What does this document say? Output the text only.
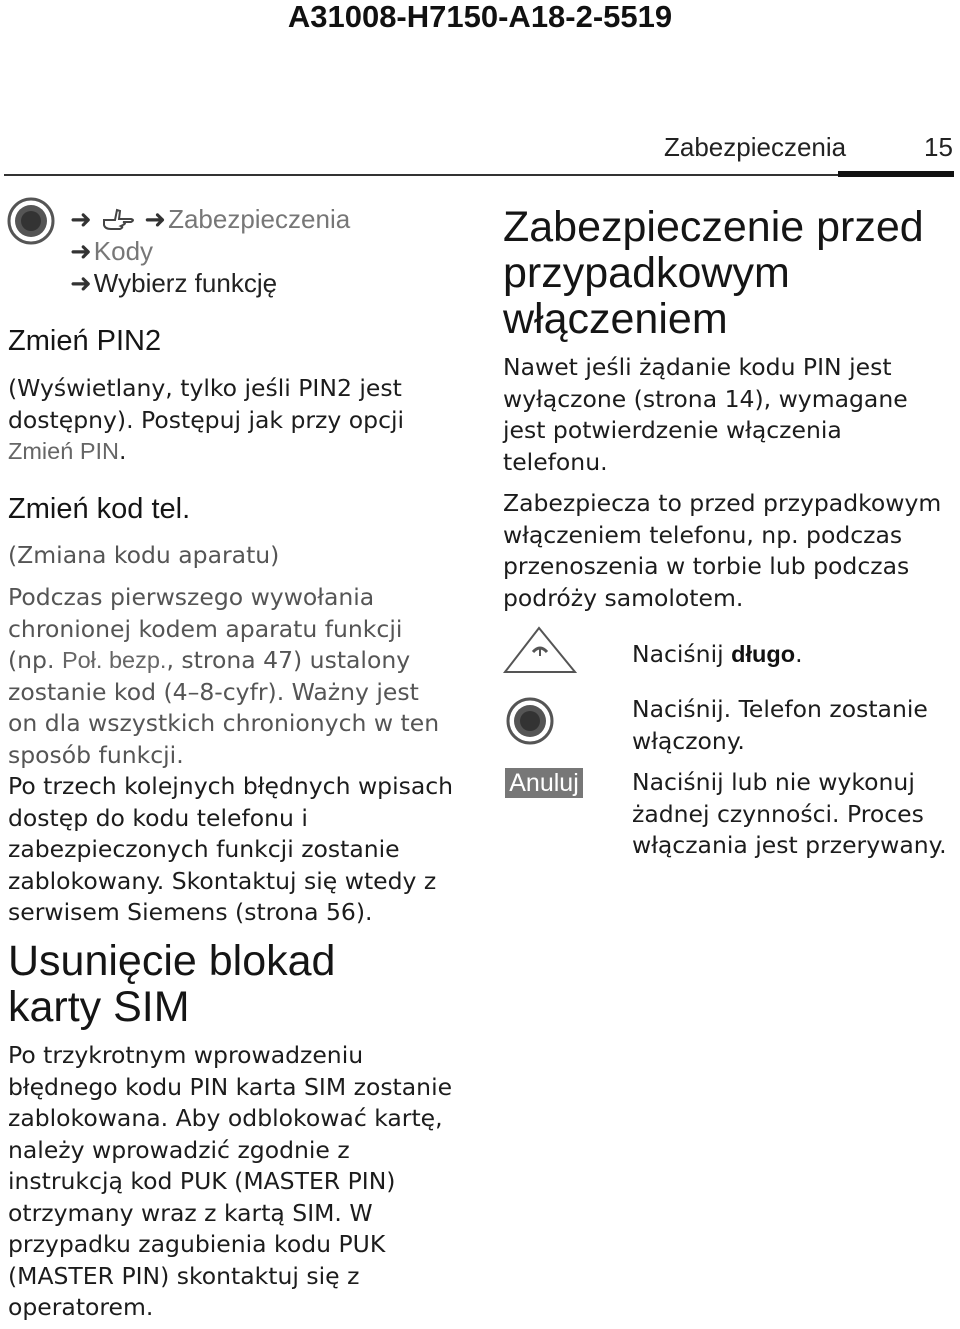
A31008-H7150-A18-2-5519
Zabezpieczenia	15
➜ ➜Zabezpieczenia
➜Kody
➜Wybierz funkcję
Zmień PIN2
(Wyświetlany, tylko jeśli PIN2 jest dostępny). Postępuj jak przy opcji Zmień PIN.
Zmień kod tel.
(Zmiana kodu aparatu)
Podczas pierwszego wywołania chronionej kodem aparatu funkcji (np. Poł. bezp., strona 47) ustalony zostanie kod (4–8-cyfr). Ważny jest on dla wszystkich chronionych w ten sposób funkcji.
Po trzech kolejnych błędnych wpisach dostęp do kodu telefonu i zabezpieczonych funkcji zostanie zablokowany. Skontaktuj się wtedy z serwisem Siemens (strona 56).
Usunięcie blokad
karty SIM
Po trzykrotnym wprowadzeniu błędnego kodu PIN karta SIM zostanie zablokowana. Aby odblokować kartę, należy wprowadzić zgodnie z instrukcją kod PUK (MASTER PIN) otrzymany wraz z kartą SIM. W przypadku zagubienia kodu PUK (MASTER PIN) skontaktuj się z operatorem.
Zabezpieczenie przed
przypadkowym
włączeniem
Nawet jeśli żądanie kodu PIN jest wyłączone (strona 14), wymagane jest potwierdzenie włączenia telefonu.
Zabezpiecza to przed przypadkowym włączeniem telefonu, np. podczas przenoszenia w torbie lub podczas podróży samolotem.
Naciśnij długo.
Naciśnij. Telefon zostanie włączony.
Anuluj Naciśnij lub nie wykonuj żadnej czynności. Proces włączania jest przerywany.
